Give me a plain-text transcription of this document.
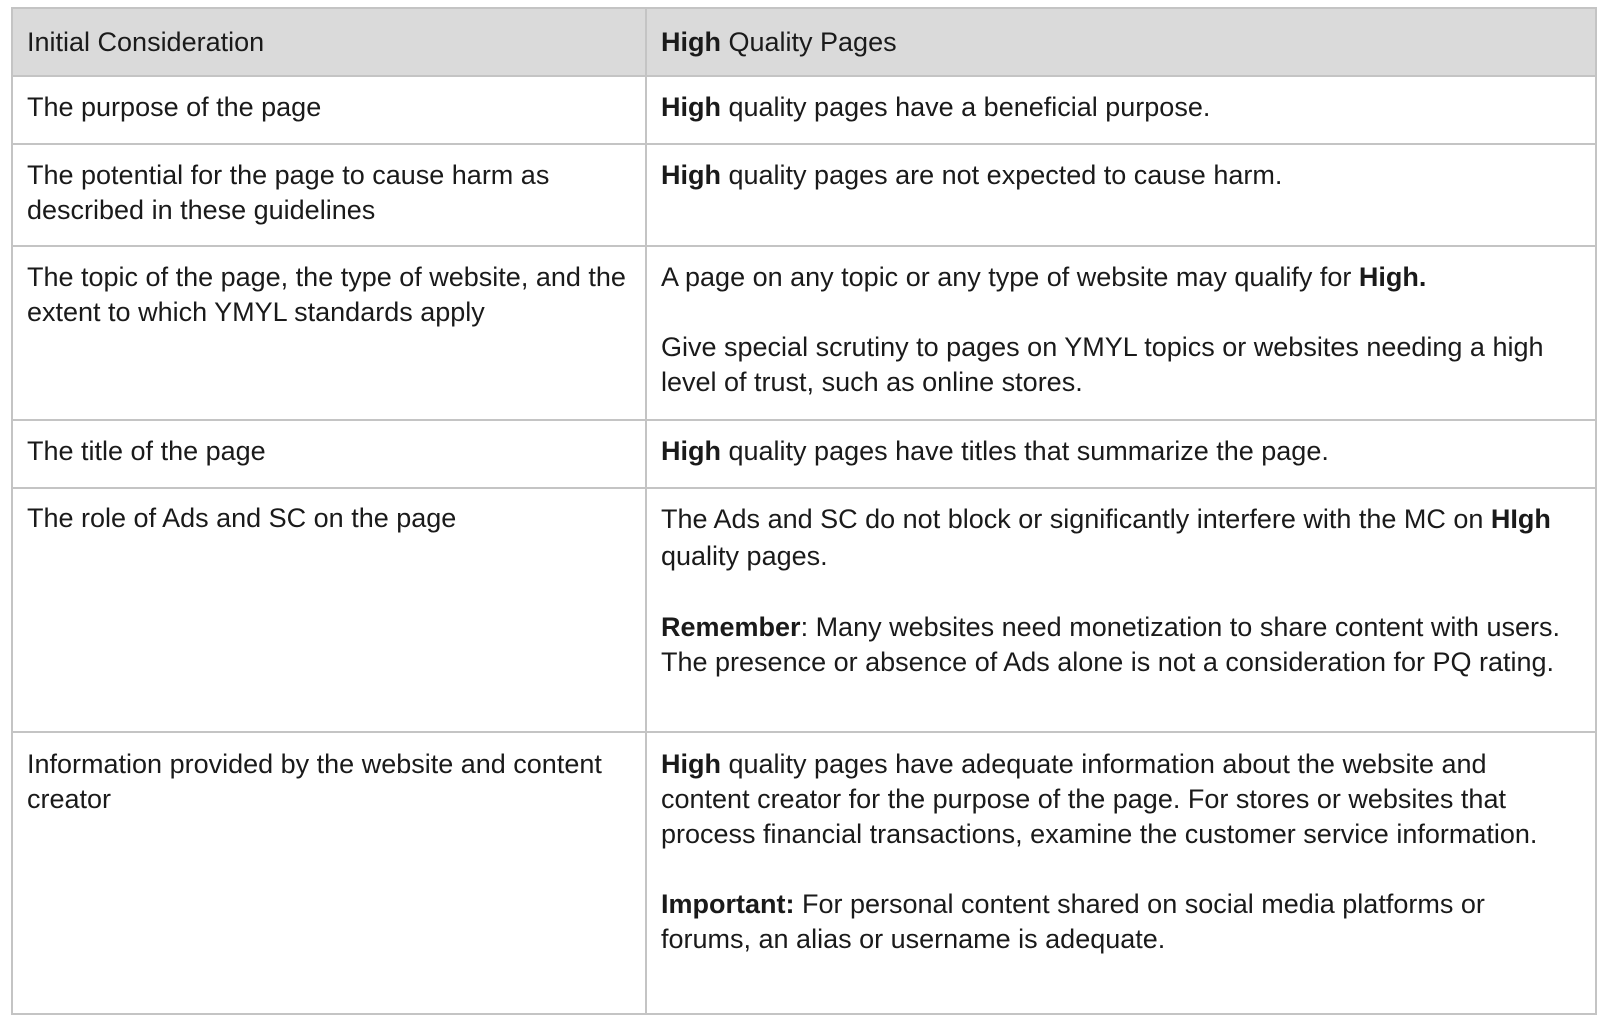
Initial Consideration	High Quality Pages
The purpose of the page	High quality pages have a beneficial purpose.
The potential for the page to cause harm as described in these guidelines	High quality pages are not expected to cause harm.
The topic of the page, the type of website, and the extent to which YMYL standards apply	A page on any topic or any type of website may qualify for High.

Give special scrutiny to pages on YMYL topics or websites needing a high level of trust, such as online stores.

The title of the page	High quality pages have titles that summarize the page.
The role of Ads and SC on the page	The Ads and SC do not block or significantly interfere with the MC on HIgh quality pages.

Remember: Many websites need monetization to share content with users. The presence or absence of Ads alone is not a consideration for PQ rating.

Information provided by the website and content creator	High quality pages have adequate information about the website and content creator for the purpose of the page. For stores or websites that process financial transactions, examine the customer service information.

Important: For personal content shared on social media platforms or forums, an alias or username is adequate.
